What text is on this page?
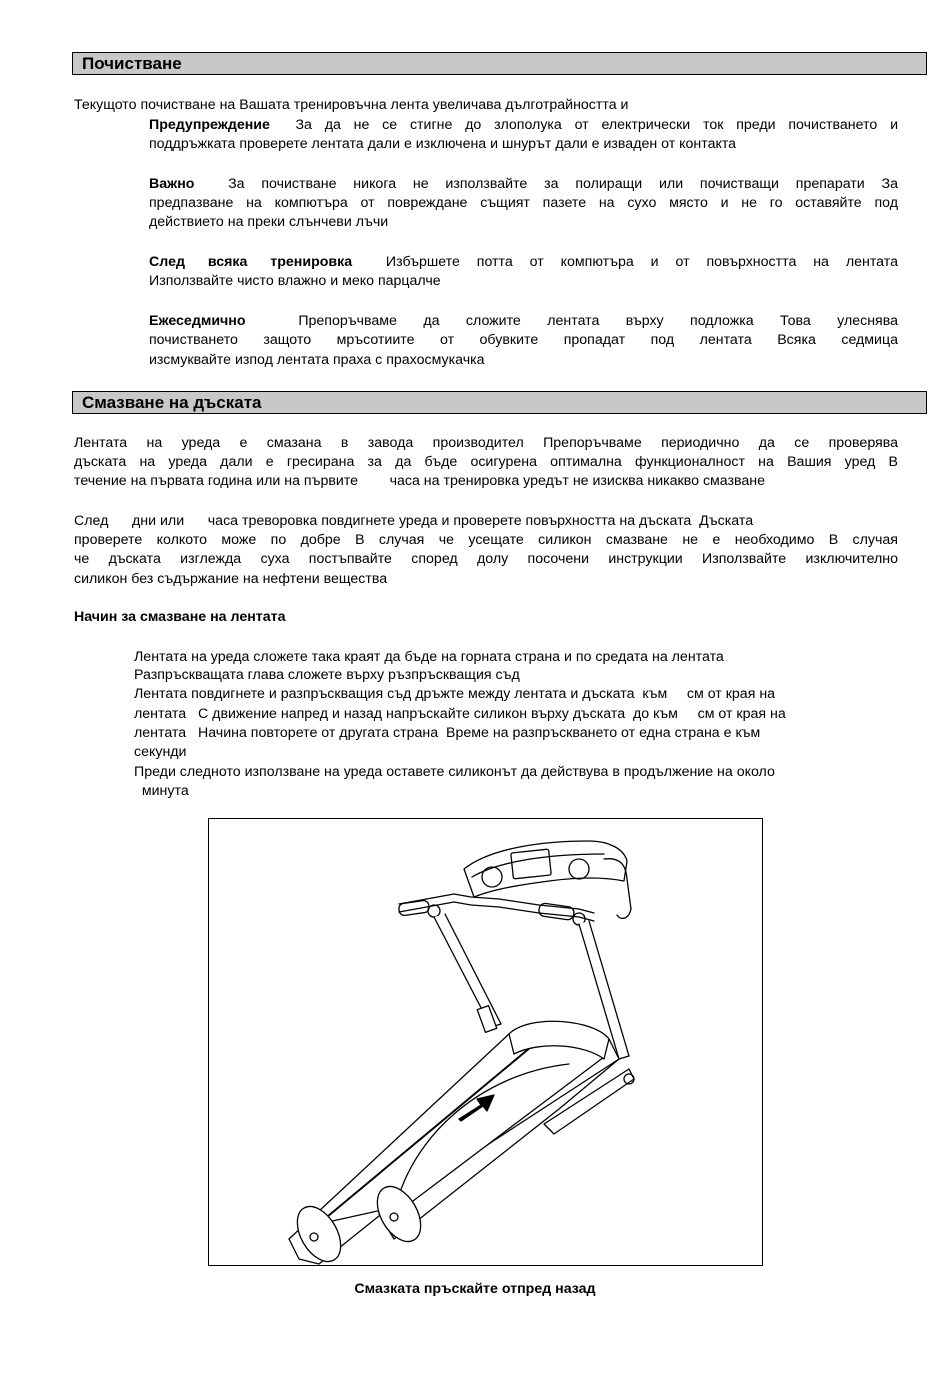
Почистване
Текущото почистване на Вашата тренировъчна лента увеличава дълготрайността и
Предупреждение За да не се стигне до злополука от електрически ток преди почистването и
поддръжката проверете лентата дали е изключена и шнурът дали е изваден от контакта
Важно За почистване никога не използвайте за полиращи или почистващи препарати За
предпазване на компютъра от повреждане същият пазете на сухо място и не го оставяйте под
действието на преки слънчеви лъчи
След всяка тренировка Избършете потта от компютъра и от повърхността на лентата
Използвайте чисто влажно и меко парцалче
Ежеседмично	Препоръчваме да сложите лентата върху подложка Това улеснява
почистването защото мръсотиите от обувките пропадат под лентата Всяка седмица
изсмуквайте изпод лентата праха с прахосмукачка
Смазване на дъската
Лентата на уреда е смазана в завода производител Препоръчваме периодично да се проверява
дъската на уреда дали е гресирана за да бъде осигурена оптимална функционалност на Вашия уред В
течение на първата година или на първите        часа на тренировка уредът не изисква никакво смазване
След      дни или      часа треворовка повдигнете уреда и проверете повърхността на дъската  Дъската
проверете колкото може по добре В случая че усещате силикон смазване не е необходимо В случая
че дъската изглежда суха постъпвайте според долу посочени инструкции Използвайте изключително
силикон без съдържание на нефтени вещества
Начин за смазване на лентата
Лентата на уреда сложете така краят да бъде на горната страна и по средата на лентата
Разпръскващата глава сложете върху ръзпръскващия съд
Лентата повдигнете и разпръскващия съд дръжте между лентата и дъската  към     см от края на
лентата   С движение напред и назад напръскайте силикон върху дъската  до към     см от края на
лентата   Начина повторете от другата страна  Време на разпръскването от една страна е към
секунди
Преди следното използване на уреда оставете силиконът да действува в продължение на около
минута
Смазката пръскайте отпред назад
